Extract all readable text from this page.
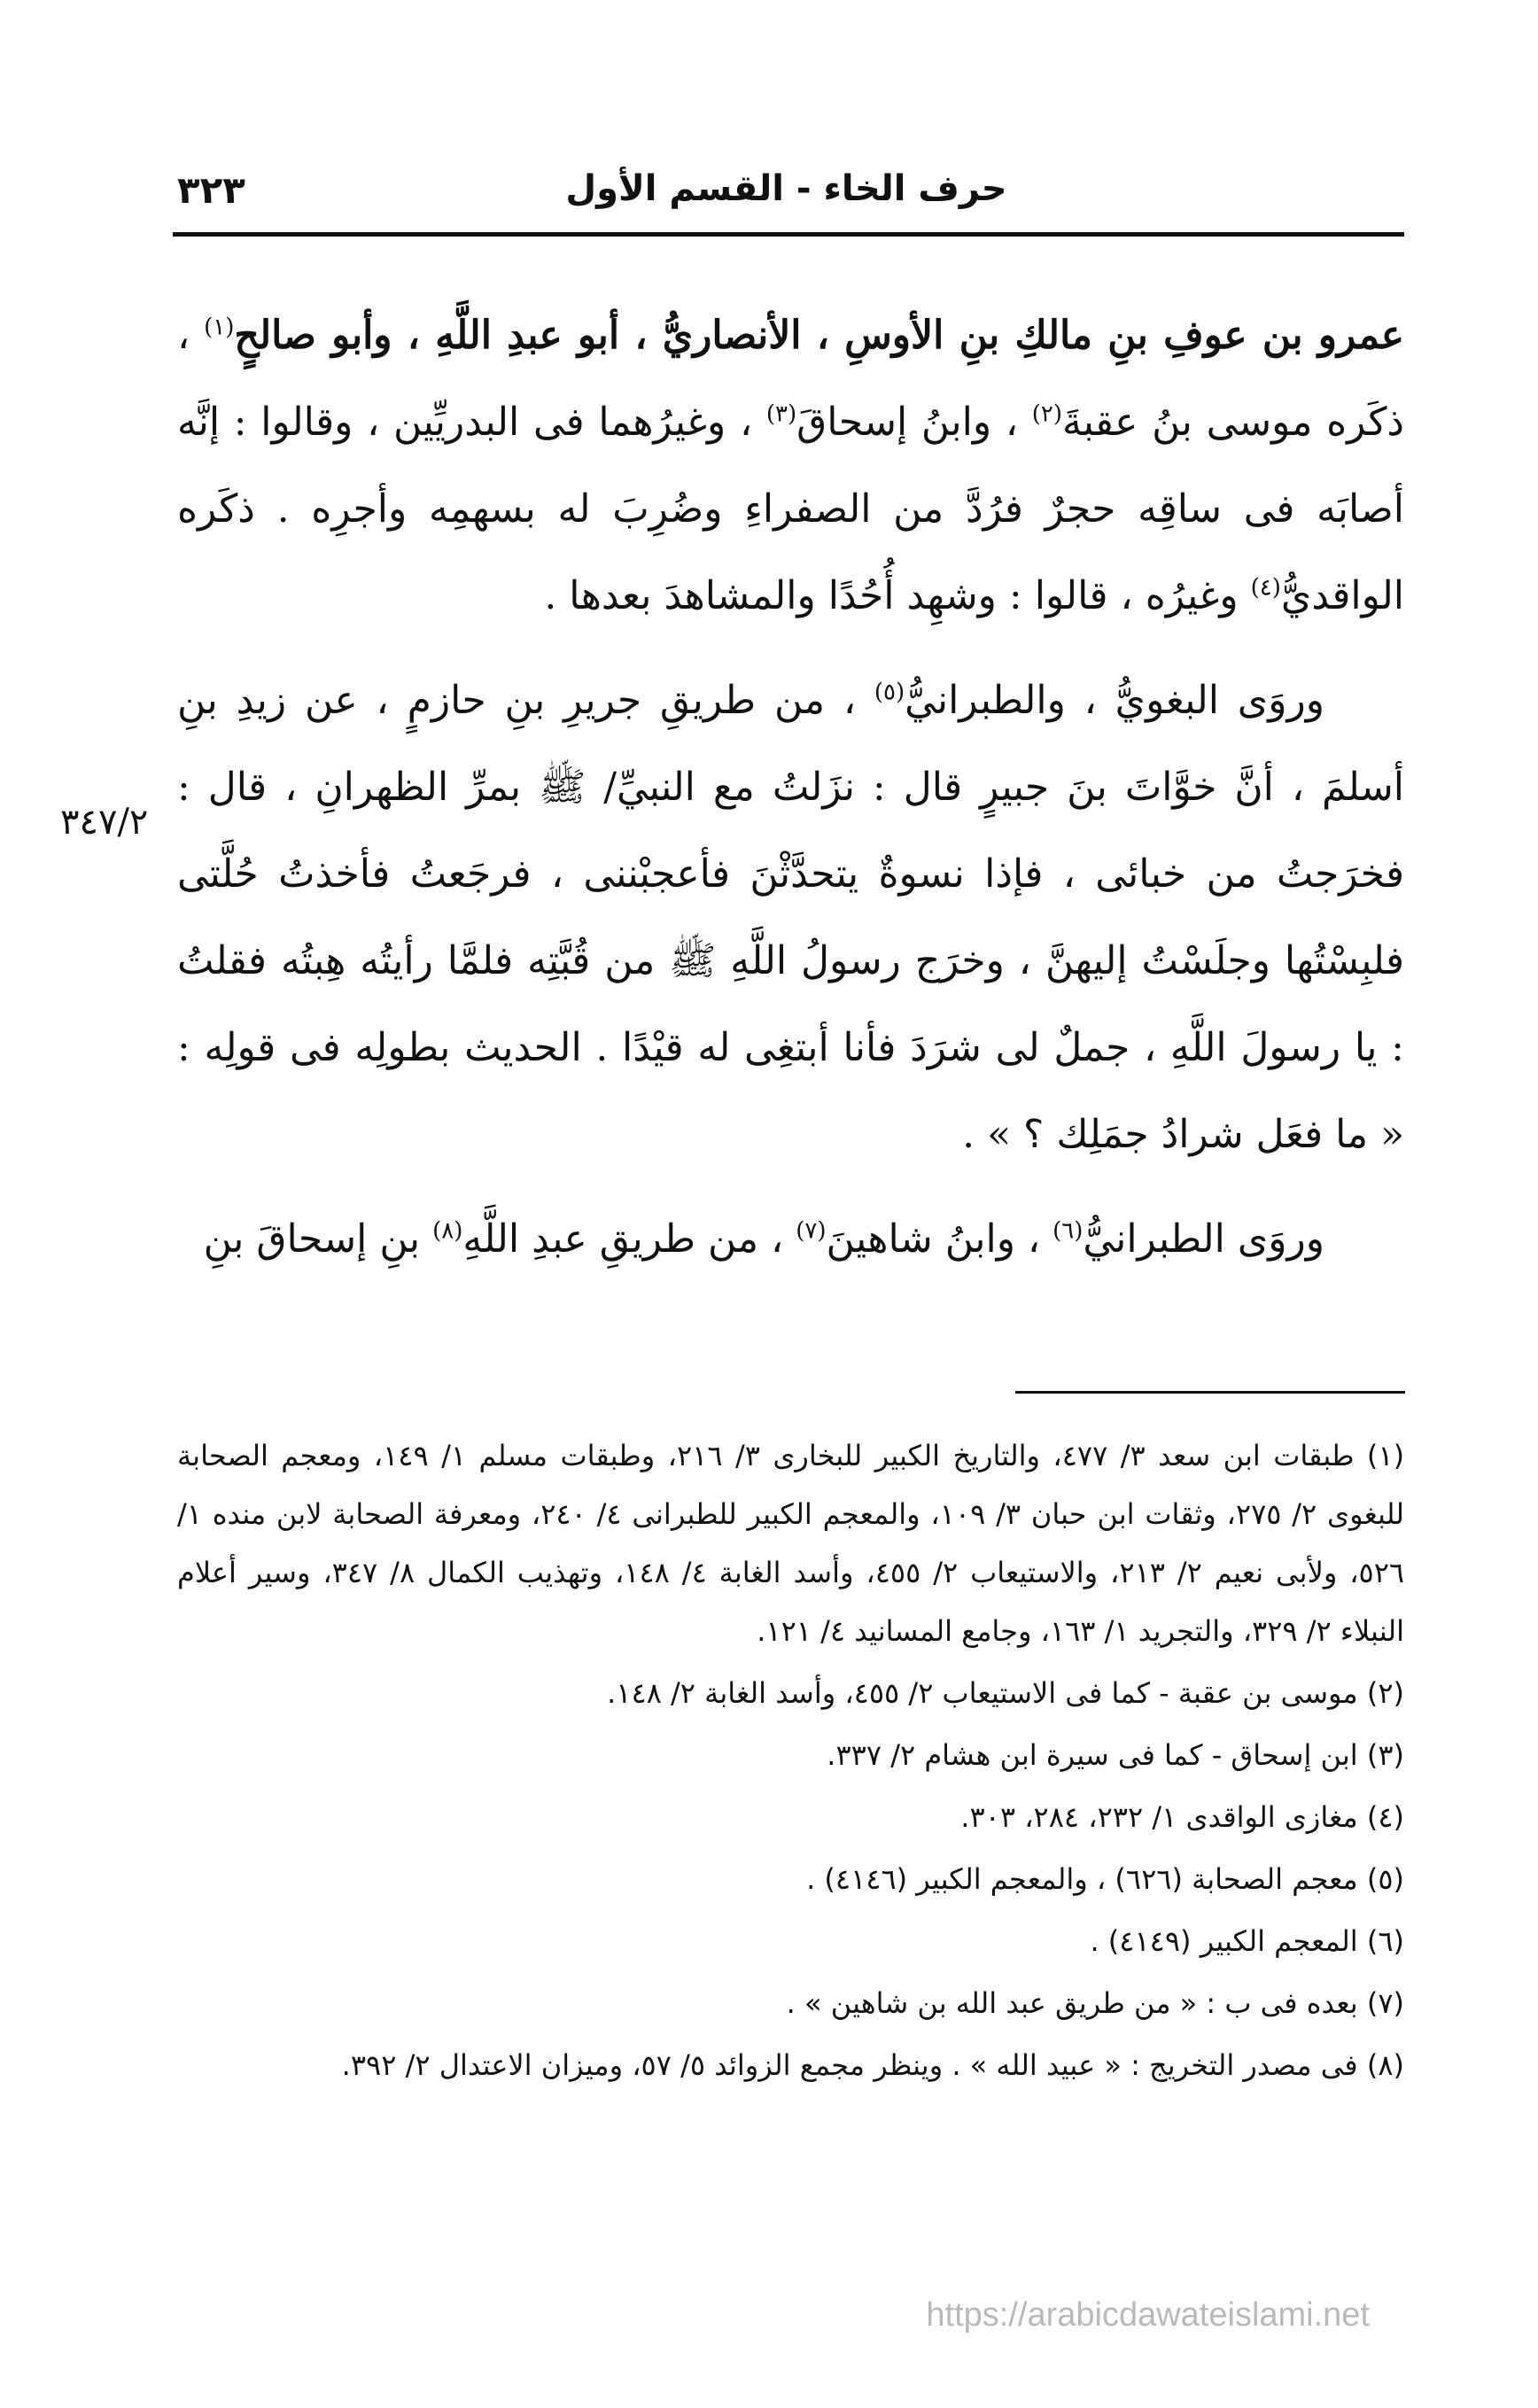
حرف الخاء - القسم الأول
٣٢٣

عمرو بن عوفِ بنِ مالكِ بنِ الأوسِ ، الأنصاريُّ ، أبو عبدِ اللَّهِ ، وأبو صالحٍ$^{(١)}$ ، ذكَره موسى بنُ عقبةَ$^{(٢)}$ ، وابنُ إسحاقَ$^{(٣)}$ ، وغيرُهما فى البدريِّين ، وقالوا : إنَّه أصابَه فى ساقِه حجرٌ فرُدَّ من الصفراءِ وضُرِبَ له بسهمِه وأجرِه . ذكَره الواقديُّ$^{(٤)}$ وغيرُه ، قالوا : وشهِد أُحُدًا والمشاهدَ بعدها .

وروَى البغويُّ ، والطبرانيُّ$^{(٥)}$ ، من طريقِ جريرِ بنِ حازمٍ ، عن زيدِ بنِ أسلمَ ، أنَّ خوَّاتَ بنَ جبيرٍ قال : نزَلتُ مع النبيِّ/ ﷺ بمرِّ الظهرانِ ، قال : فخرَجتُ من خبائى ، فإذا نسوةٌ يتحدَّثْنَ فأعجبْننى ، فرجَعتُ فأخذتُ حُلَّتى فلبِسْتُها وجلَسْتُ إليهنَّ ، وخرَج رسولُ اللَّهِ ﷺ من قُبَّتِه فلمَّا رأيتُه هِبتُه فقلتُ : يا رسولَ اللَّهِ ، جملٌ لى شرَدَ فأنا أبتغِى له قيْدًا . الحديث بطولِه فى قولِه : « ما فعَل شرادُ جمَلِك ؟ » .

وروَى الطبرانيُّ$^{(٦)}$ ، وابنُ شاهينَ$^{(٧)}$ ، من طريقِ عبدِ اللَّهِ$^{(٨)}$ بنِ إسحاقَ بنِ

٣٤٧/٢

(١) طبقات ابن سعد ٣/ ٤٧٧، والتاريخ الكبير للبخارى ٣/ ٢١٦، وطبقات مسلم ١/ ١٤٩، ومعجم الصحابة للبغوى ٢/ ٢٧٥، وثقات ابن حبان ٣/ ١٠٩، والمعجم الكبير للطبرانى ٤/ ٢٤٠، ومعرفة الصحابة لابن منده ١/ ٥٢٦، ولأبى نعيم ٢/ ٢١٣، والاستيعاب ٢/ ٤٥٥، وأسد الغابة ٤/ ١٤٨، وتهذيب الكمال ٨/ ٣٤٧، وسير أعلام النبلاء ٢/ ٣٢٩، والتجريد ١/ ١٦٣، وجامع المسانيد ٤/ ١٢١.

(٢) موسى بن عقبة - كما فى الاستيعاب ٢/ ٤٥٥، وأسد الغابة ٢/ ١٤٨.

(٣) ابن إسحاق - كما فى سيرة ابن هشام ٢/ ٣٣٧.

(٤) مغازى الواقدى ١/ ٢٣٢، ٢٨٤، ٣٠٣.

(٥) معجم الصحابة (٦٢٦) ، والمعجم الكبير (٤١٤٦) .

(٦) المعجم الكبير (٤١٤٩) .

(٧) بعده فى ب : « من طريق عبد الله بن شاهين » .

(٨) فى مصدر التخريج : « عبيد الله » . وينظر مجمع الزوائد ٥/ ٥٧، وميزان الاعتدال ٢/ ٣٩٢.

https://arabicdawateislami.net
